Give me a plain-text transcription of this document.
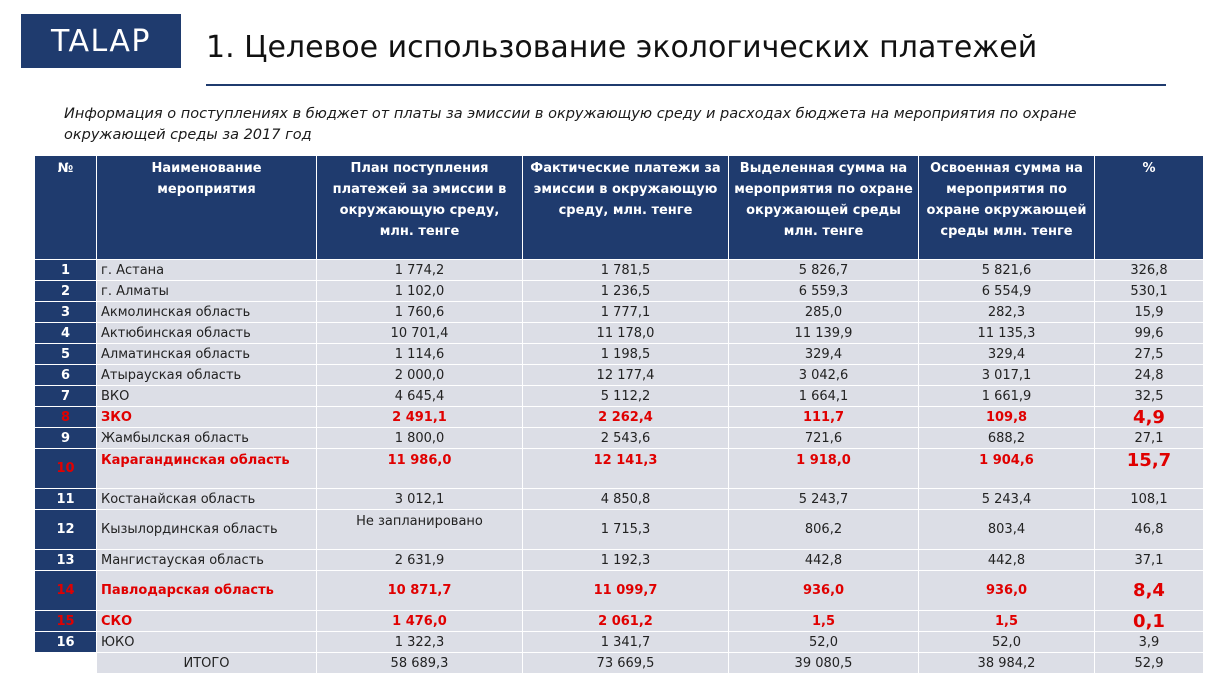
TALAP	1. Целевое использование экологических платежей
Информация о поступлениях в бюджет от платы за эмиссии в окружающую среду и расходах бюджета на мероприятия по охране окружающей среды за 2017 год
№	Наименование мероприятия	План поступления платежей за эмиссии в окружающую среду, млн. тенге	Фактические платежи за эмиссии в окружающую среду, млн. тенге	Выделенная сумма на мероприятия по охране окружающей среды млн. тенге	Освоенная сумма на мероприятия по охране окружающей среды млн. тенге	%
1	г. Астана	1 774,2	1 781,5	5 826,7	5 821,6	326,8
2	г. Алматы	1 102,0	1 236,5	6 559,3	6 554,9	530,1
3	Акмолинская область	1 760,6	1 777,1	285,0	282,3	15,9
4	Актюбинская область	10 701,4	11 178,0	11 139,9	11 135,3	99,6
5	Алматинская область	1 114,6	1 198,5	329,4	329,4	27,5
6	Атырауская область	2 000,0	12 177,4	3 042,6	3 017,1	24,8
7	ВКО	4 645,4	5 112,2	1 664,1	1 661,9	32,5
8	ЗКО	2 491,1	2 262,4	111,7	109,8	4,9
9	Жамбылская область	1 800,0	2 543,6	721,6	688,2	27,1
10	Карагандинская область	11 986,0	12 141,3	1 918,0	1 904,6	15,7
11	Костанайская область	3 012,1	4 850,8	5 243,7	5 243,4	108,1
12	Кызылординская область	Не запланировано	1 715,3	806,2	803,4	46,8
13	Мангистауская область	2 631,9	1 192,3	442,8	442,8	37,1
14	Павлодарская область	10 871,7	11 099,7	936,0	936,0	8,4
15	СКО	1 476,0	2 061,2	1,5	1,5	0,1
16	ЮКО	1 322,3	1 341,7	52,0	52,0	3,9
	ИТОГО	58 689,3	73 669,5	39 080,5	38 984,2	52,9
